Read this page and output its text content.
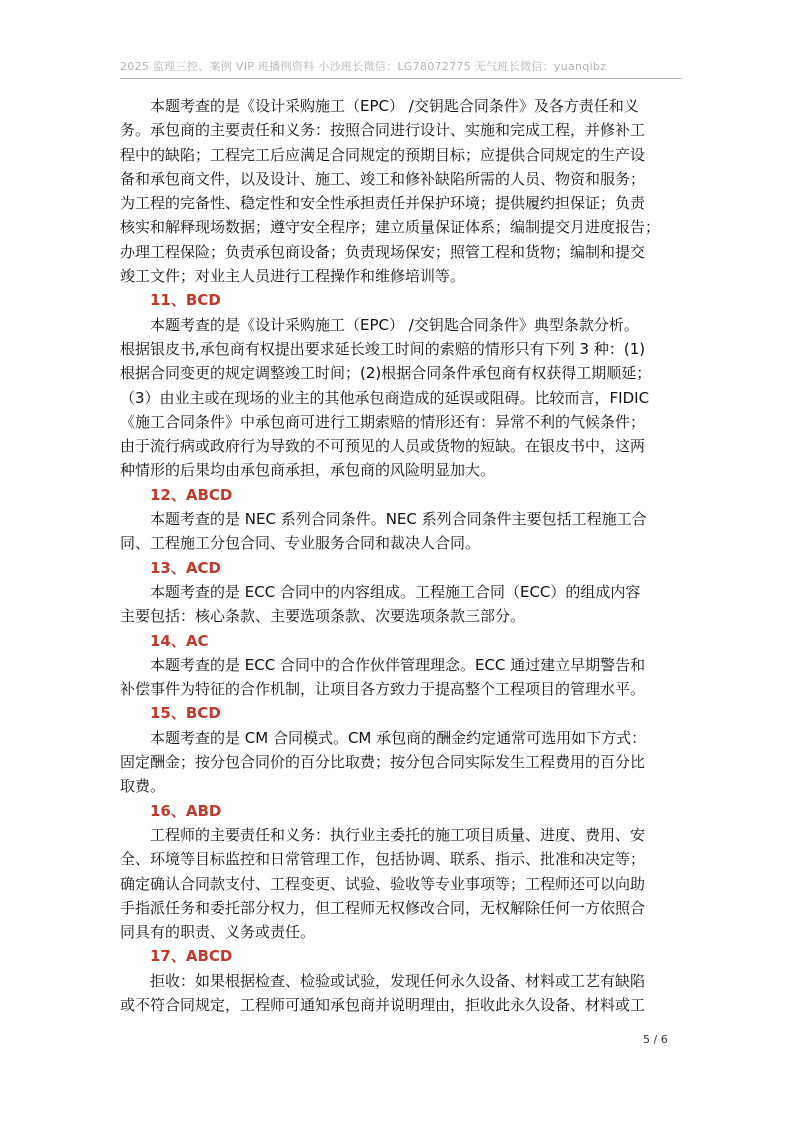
2025 监理三控、案例 VIP 班播例资料 小沙班长微信：LG78072775 无气班长微信：yuanqibz

本题考查的是《设计采购施工（EPC） /交钥匙合同条件》及各方责任和义
务。承包商的主要责任和义务：按照合同进行设计、实施和完成工程，并修补工
程中的缺陷；工程完工后应满足合同规定的预期目标；应提供合同规定的生产设
备和承包商文件，以及设计、施工、竣工和修补缺陷所需的人员、物资和服务；
为工程的完备性、稳定性和安全性承担责任并保护环境；提供履约担保证；负责
核实和解释现场数据；遵守安全程序；建立质量保证体系；编制提交月进度报告；
办理工程保险；负责承包商设备；负责现场保安；照管工程和货物；编制和提交
竣工文件；对业主人员进行工程操作和维修培训等。

11、BCD

本题考查的是《设计采购施工（EPC） /交钥匙合同条件》典型条款分析。
根据银皮书,承包商有权提出要求延长竣工时间的索赔的情形只有下列 3 种：(1)
根据合同变更的规定调整竣工时间；(2)根据合同条件承包商有权获得工期顺延；
（3）由业主或在现场的业主的其他承包商造成的延误或阻碍。比较而言，FIDIC
《施工合同条件》中承包商可进行工期索赔的情形还有：异常不利的气候条件；
由于流行病或政府行为导致的不可预见的人员或货物的短缺。在银皮书中，这两
种情形的后果均由承包商承担，承包商的风险明显加大。

12、ABCD

本题考查的是 NEC 系列合同条件。NEC 系列合同条件主要包括工程施工合
同、工程施工分包合同、专业服务合同和裁决人合同。

13、ACD

本题考查的是 ECC 合同中的内容组成。工程施工合同（ECC）的组成内容
主要包括：核心条款、主要选项条款、次要选项条款三部分。

14、AC

本题考查的是 ECC 合同中的合作伙伴管理理念。ECC 通过建立早期警告和
补偿事件为特征的合作机制，让项目各方致力于提高整个工程项目的管理水平。

15、BCD

本题考查的是 CM 合同模式。CM 承包商的酬金约定通常可选用如下方式：
固定酬金；按分包合同价的百分比取费；按分包合同实际发生工程费用的百分比
取费。

16、ABD

工程师的主要责任和义务：执行业主委托的施工项目质量、进度、费用、安
全、环境等目标监控和日常管理工作，包括协调、联系、指示、批准和决定等；
确定确认合同款支付、工程变更、试验、验收等专业事项等；工程师还可以向助
手指派任务和委托部分权力，但工程师无权修改合同，无权解除任何一方依照合
同具有的职责、义务或责任。

17、ABCD

拒收：如果根据检查、检验或试验，发现任何永久设备、材料或工艺有缺陷
或不符合同规定，工程师可通知承包商并说明理由，拒收此永久设备、材料或工

5 / 6
